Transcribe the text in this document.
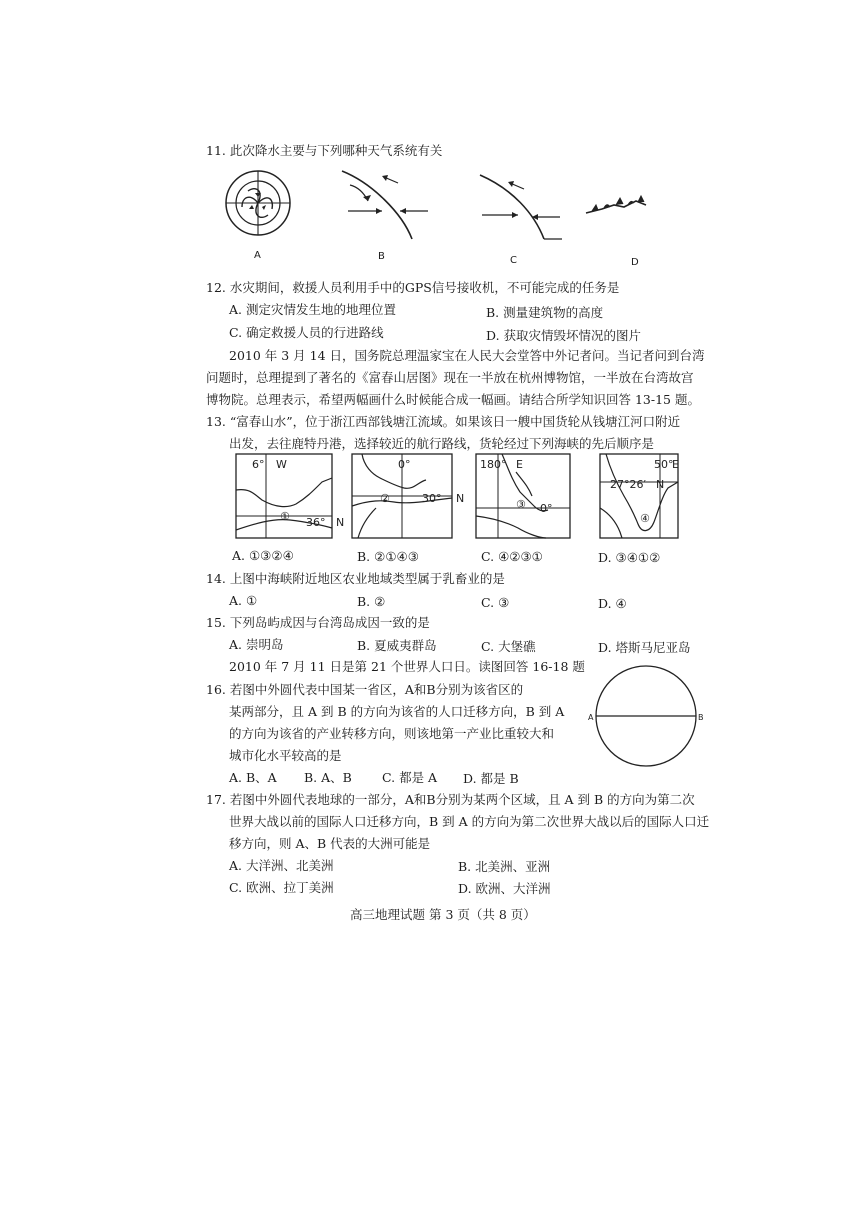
11. 此次降水主要与下列哪种天气系统有关
A	B	C	D
12. 水灾期间，救援人员利用手中的GPS信号接收机，不可能完成的任务是
A. 测定灾情发生地的地理位置	B. 测量建筑物的高度
C. 确定救援人员的行进路线	D. 获取灾情毁坏情况的图片
2010 年 3 月 14 日，国务院总理温家宝在人民大会堂答中外记者问。当记者问到台湾
问题时，总理提到了著名的《富春山居图》现在一半放在杭州博物馆，一半放在台湾故宫
博物院。总理表示，希望两幅画什么时候能合成一幅画。请结合所学知识回答 13-15 题。
13. “富春山水”，位于浙江西部钱塘江流域。如果该日一艘中国货轮从钱塘江河口附近
出发，去往鹿特丹港，选择较近的航行路线，货轮经过下列海峡的先后顺序是
6° W
① 36° N
0°
②	30° N
180° E
③ 0°
50°
E
④
27°26′ N
A. ①③②④	B. ②①④③	C. ④②③①	D. ③④①②
14. 上图中海峡附近地区农业地域类型属于乳畜业的是
A. ①	B. ②	C. ③	D. ④
15. 下列岛屿成因与台湾岛成因一致的是
A. 崇明岛	B. 夏威夷群岛	C. 大堡礁	D. 塔斯马尼亚岛
2010 年 7 月 11 日是第 21 个世界人口日。读图回答 16-18 题
16. 若图中外圆代表中国某一省区，A和B分别为该省区的
某两部分，且 A 到 B 的方向为该省的人口迁移方向，B 到 A
的方向为该省的产业转移方向，则该地第一产业比重较大和
城市化水平较高的是
A. B、A B. A、B C. 都是 A D. 都是 B
A	B
17. 若图中外圆代表地球的一部分，A和B分别为某两个区域，且 A 到 B 的方向为第二次
世界大战以前的国际人口迁移方向，B 到 A 的方向为第二次世界大战以后的国际人口迁
移方向，则 A、B 代表的大洲可能是
A. 大洋洲、北美洲	B. 北美洲、亚洲
C. 欧洲、拉丁美洲	D. 欧洲、大洋洲
高三地理试题 第 3 页（共 8 页）
